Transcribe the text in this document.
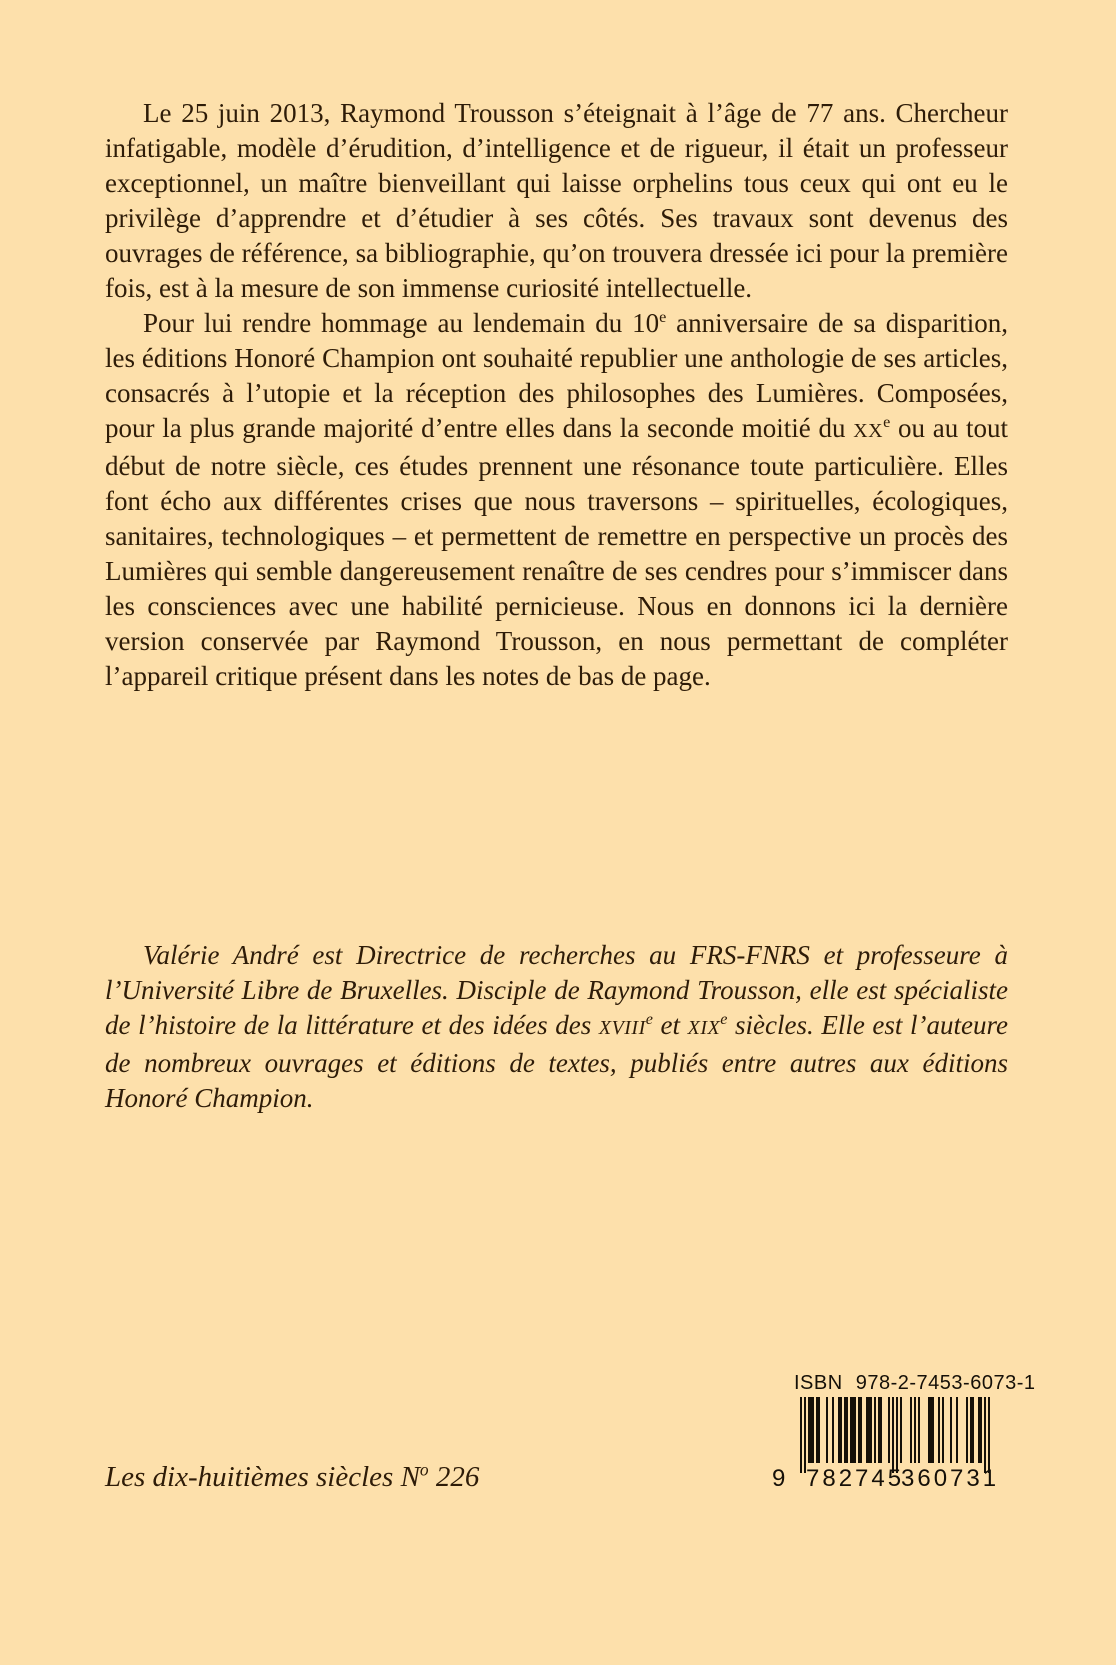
Le 25 juin 2013, Raymond Trousson s’éteignait à l’âge de 77 ans. Chercheur infatigable, modèle d’érudition, d’intelligence et de rigueur, il était un professeur exceptionnel, un maître bienveillant qui laisse orphelins tous ceux qui ont eu le privilège d’apprendre et d’étudier à ses côtés. Ses travaux sont devenus des ouvrages de référence, sa bibliographie, qu’on trouvera dressée ici pour la première fois, est à la mesure de son immense curiosité intellectuelle.

Pour lui rendre hommage au lendemain du 10e anniversaire de sa disparition, les éditions Honoré Champion ont souhaité republier une anthologie de ses articles, consacrés à l’utopie et la réception des philosophes des Lumières. Composées, pour la plus grande majorité d’entre elles dans la seconde moitié du XXe ou au tout début de notre siècle, ces études prennent une résonance toute particulière. Elles font écho aux différentes crises que nous traversons – spirituelles, écologiques, sanitaires, technologiques – et permettent de remettre en perspective un procès des Lumières qui semble dangereusement renaître de ses cendres pour s’immiscer dans les consciences avec une habilité pernicieuse. Nous en donnons ici la dernière version conservée par Raymond Trousson, en nous permettant de compléter l’appareil critique présent dans les notes de bas de page.

Valérie André est Directrice de recherches au FRS-FNRS et professeure à l’Université Libre de Bruxelles. Disciple de Raymond Trousson, elle est spécialiste de l’histoire de la littérature et des idées des XVIIIe et XIXe siècles. Elle est l’auteure de nombreux ouvrages et éditions de textes, publiés entre autres aux éditions Honoré Champion.
ISBN 978-2-7453-6073-1
9 782745
360731
Les dix-huitièmes siècles $N^o$ 226
